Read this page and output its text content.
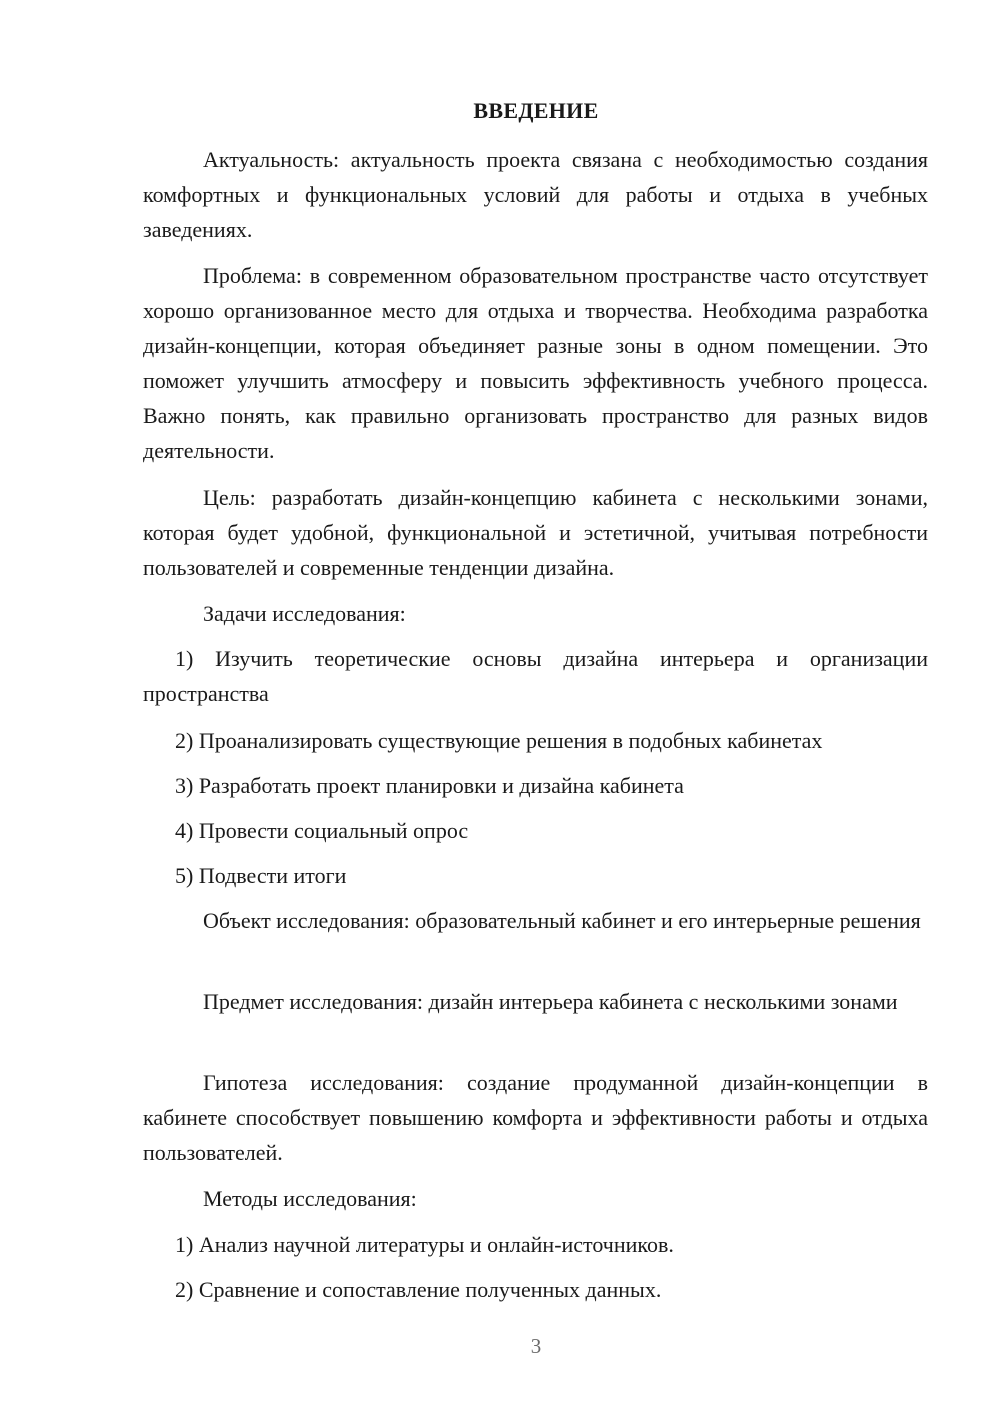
ВВЕДЕНИЕ

Актуальность: актуальность проекта связана с необходимостью создания комфортных и функциональных условий для работы и отдыха в учебных заведениях.

Проблема: в современном образовательном пространстве часто отсутствует хорошо организованное место для отдыха и творчества. Необходима разработка дизайн-концепции, которая объединяет разные зоны в одном помещении. Это поможет улучшить атмосферу и повысить эффективность учебного процесса. Важно понять, как правильно организовать пространство для разных видов деятельности.

Цель: разработать дизайн-концепцию кабинета с несколькими зонами, которая будет удобной, функциональной и эстетичной, учитывая потребности пользователей и современные тенденции дизайна.

Задачи исследования:

1) Изучить теоретические основы дизайна интерьера и организации пространства

2) Проанализировать существующие решения в подобных кабинетах

3) Разработать проект планировки и дизайна кабинета

4) Провести социальный опрос

5) Подвести итоги

Объект исследования: образовательный кабинет и его интерьерные решения

Предмет исследования: дизайн интерьера кабинета с несколькими зонами

Гипотеза исследования: создание продуманной дизайн-концепции в кабинете способствует повышению комфорта и эффективности работы и отдыха пользователей.

Методы исследования:

1) Анализ научной литературы и онлайн-источников.

2) Сравнение и сопоставление полученных данных.

3
